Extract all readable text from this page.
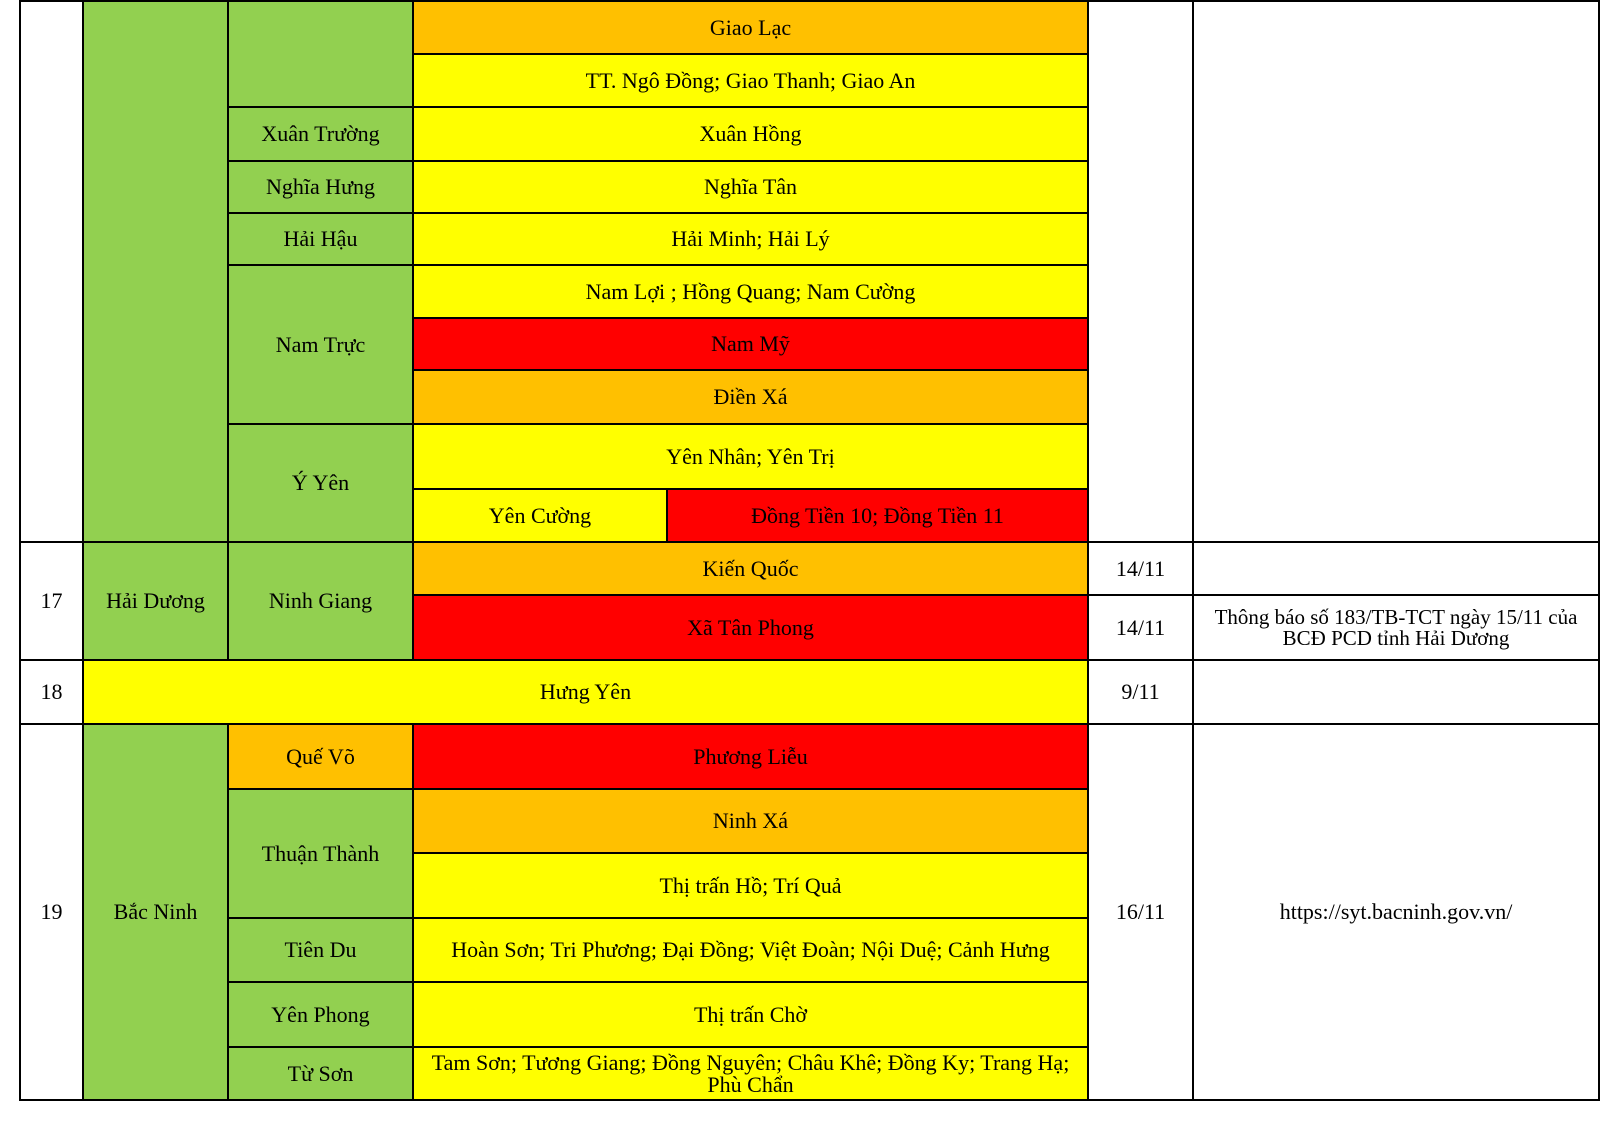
			Giao Lạc			
			TT. Ngô Đồng; Giao Thanh; Giao An			
		Xuân Trường	Xuân Hồng			
		Nghĩa Hưng	Nghĩa Tân			
		Hải Hậu	Hải Minh; Hải Lý			
		Nam Trực	Nam Lợi ; Hồng Quang; Nam Cường			
			Nam Mỹ			
			Điền Xá			
		Ý Yên	Yên Nhân; Yên Trị			
			Yên Cường	Đồng Tiền 10; Đồng Tiền 11		
17	Hải Dương	Ninh Giang	Kiến Quốc		14/11	
			Xã Tân Phong		14/11	Thông báo số 183/TB-TCT ngày 15/11 của BCĐ PCD tỉnh Hải Dương
18	Hưng Yên				9/11	
19	Bắc Ninh	Quế Võ	Phương Liễu		16/11	https://syt.bacninh.gov.vn/
		Thuận Thành	Ninh Xá			
			Thị trấn Hồ; Trí Quả			
		Tiên Du	Hoàn Sơn; Tri Phương; Đại Đồng; Việt Đoàn; Nội Duệ; Cảnh Hưng			
		Yên Phong	Thị trấn Chờ			
		Từ Sơn	Tam Sơn; Tương Giang; Đồng Nguyên; Châu Khê; Đồng Ky; Trang Hạ; Phù Chẩn			
